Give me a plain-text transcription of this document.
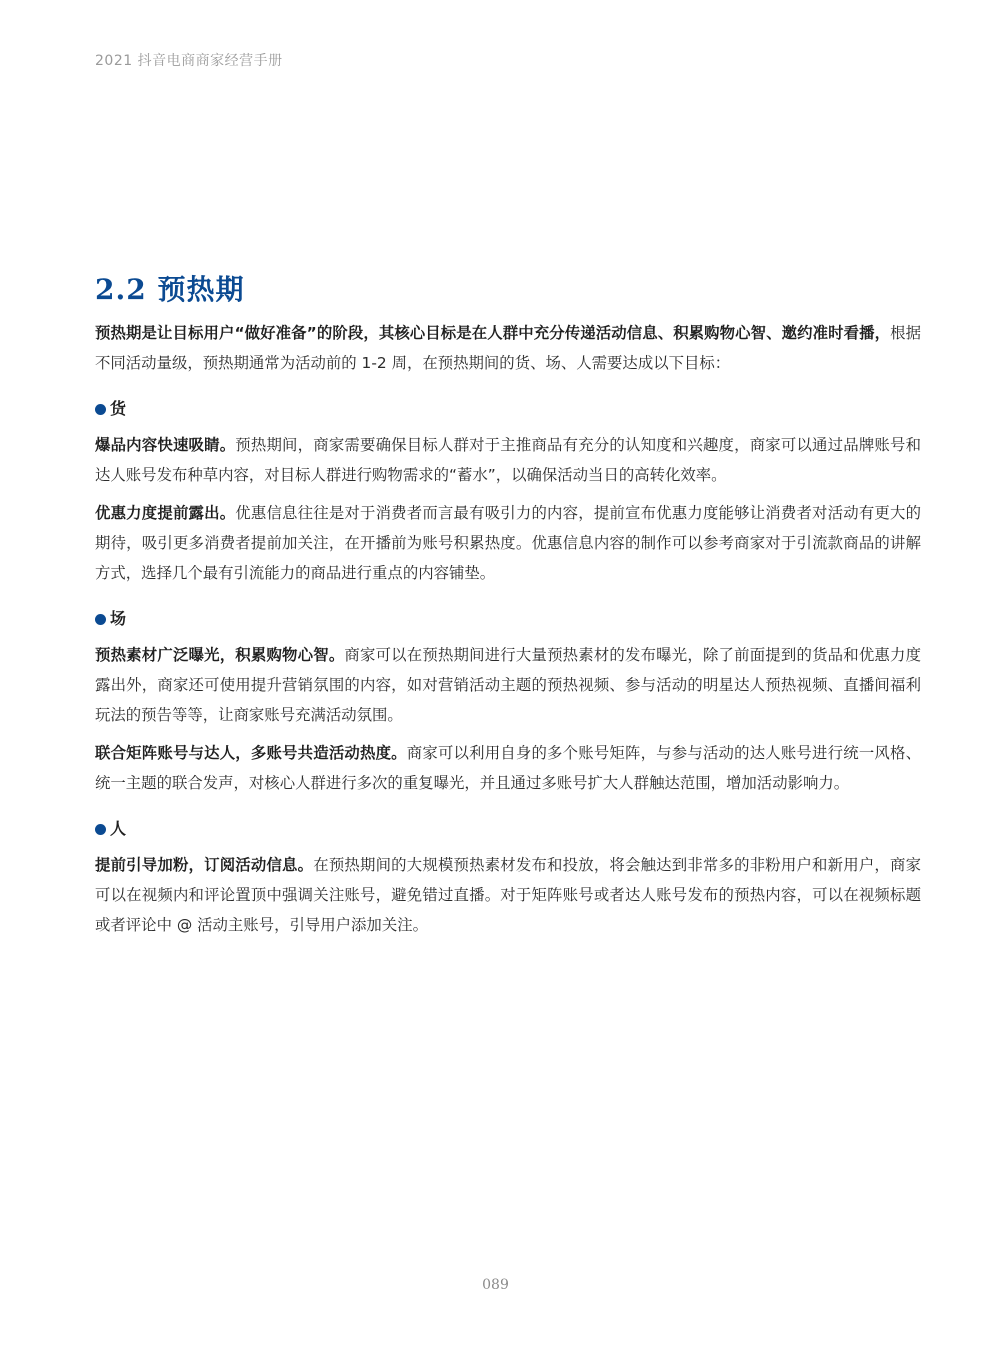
2021 抖音电商商家经营手册
2.2 预热期

预热期是让目标用户“做好准备”的阶段，其核心目标是在人群中充分传递活动信息、积累购物心智、邀约准时看播，根据不同活动量级，预热期通常为活动前的 1-2 周，在预热期间的货、场、人需要达成以下目标：

货

爆品内容快速吸睛。预热期间，商家需要确保目标人群对于主推商品有充分的认知度和兴趣度，商家可以通过品牌账号和达人账号发布种草内容，对目标人群进行购物需求的“蓄水”，以确保活动当日的高转化效率。

优惠力度提前露出。优惠信息往往是对于消费者而言最有吸引力的内容，提前宣布优惠力度能够让消费者对活动有更大的期待，吸引更多消费者提前加关注，在开播前为账号积累热度。优惠信息内容的制作可以参考商家对于引流款商品的讲解方式，选择几个最有引流能力的商品进行重点的内容铺垫。

场

预热素材广泛曝光，积累购物心智。商家可以在预热期间进行大量预热素材的发布曝光，除了前面提到的货品和优惠力度露出外，商家还可使用提升营销氛围的内容，如对营销活动主题的预热视频、参与活动的明星达人预热视频、直播间福利玩法的预告等等，让商家账号充满活动氛围。

联合矩阵账号与达人，多账号共造活动热度。商家可以利用自身的多个账号矩阵，与参与活动的达人账号进行统一风格、统一主题的联合发声，对核心人群进行多次的重复曝光，并且通过多账号扩大人群触达范围，增加活动影响力。

人

提前引导加粉，订阅活动信息。在预热期间的大规模预热素材发布和投放，将会触达到非常多的非粉用户和新用户，商家可以在视频内和评论置顶中强调关注账号，避免错过直播。对于矩阵账号或者达人账号发布的预热内容，可以在视频标题或者评论中 @ 活动主账号，引导用户添加关注。

089
